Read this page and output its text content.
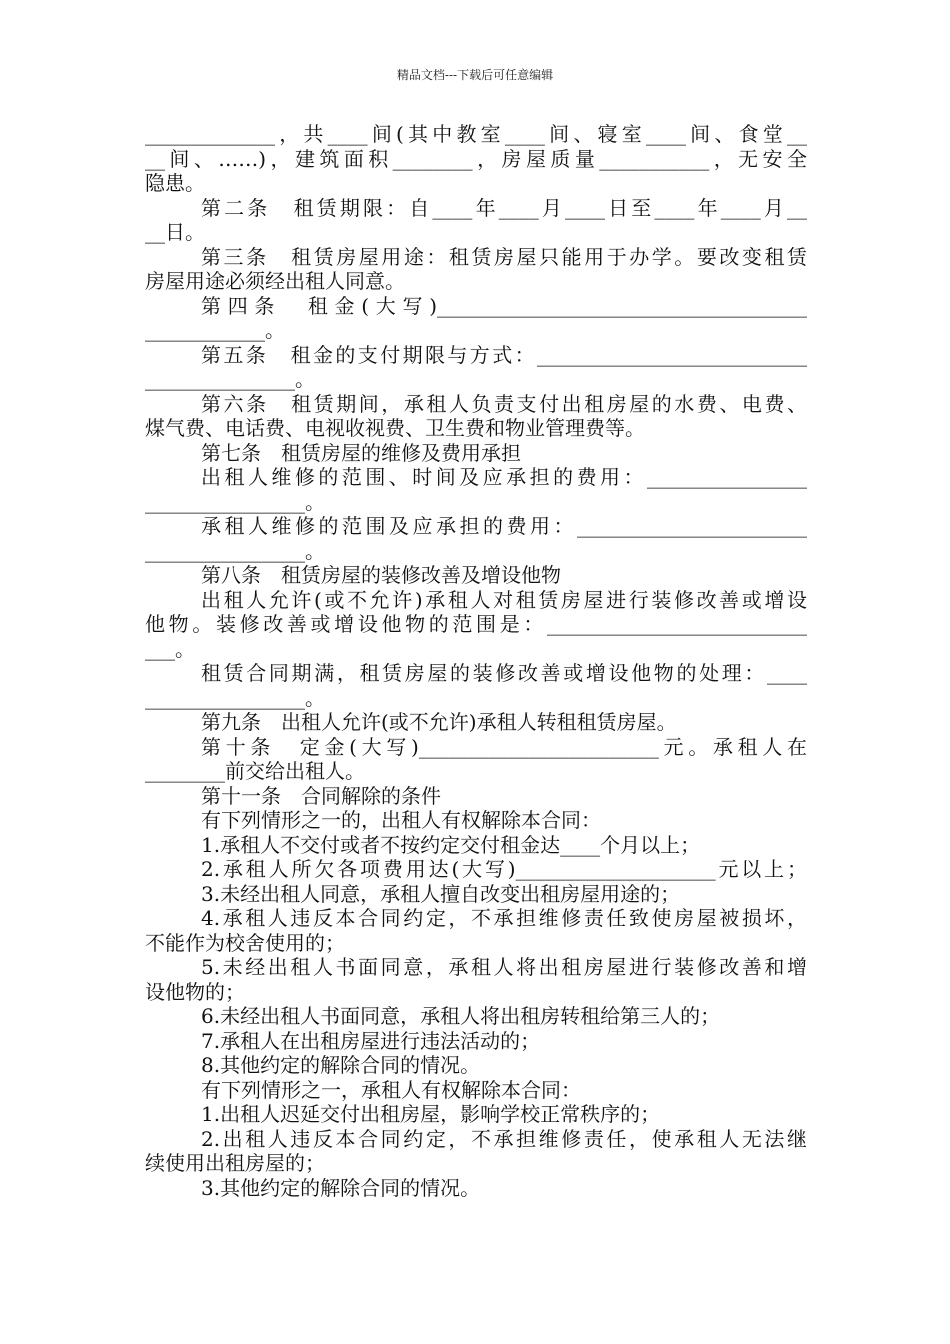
精品文档---下载后可任意编辑
_____________，共____间(其中教室____间、寝室____间、食堂__
__间、……)，建筑面积________，房屋质量___________，无安全
隐患。
第二条　租赁期限：自____年____月____日至____年____月__
__日。
第三条　租赁房屋用途：租赁房屋只能用于办学。要改变租赁
房屋用途必须经出租人同意。
第四条　租金(大写)_____________________________________
____________。
第五条　租金的支付期限与方式：___________________________
_______________。
第六条　租赁期间，承租人负责支付出租房屋的水费、电费、
煤气费、电话费、电视收视费、卫生费和物业管理费等。
第七条　租赁房屋的维修及费用承担
出租人维修的范围、时间及应承担的费用：________________
________________。
承租人维修的范围及应承担的费用：_______________________
________________。
第八条　租赁房屋的装修改善及增设他物
出租人允许(或不允许)承租人对租赁房屋进行装修改善或增设
他物。装修改善或增设他物的范围是：__________________________
___。
租赁合同期满，租赁房屋的装修改善或增设他物的处理：____
________________。
第九条　出租人允许(或不允许)承租人转租租赁房屋。
第十条　定金(大写)________________________元。承租人在
________前交给出租人。
第十一条　合同解除的条件
有下列情形之一的，出租人有权解除本合同：
1.承租人不交付或者不按约定交付租金达____个月以上；
2.承租人所欠各项费用达(大写)____________________元以上；
3.未经出租人同意，承租人擅自改变出租房屋用途的；
4.承租人违反本合同约定，不承担维修责任致使房屋被损坏，
不能作为校舍使用的；
5.未经出租人书面同意，承租人将出租房屋进行装修改善和增
设他物的；
6.未经出租人书面同意，承租人将出租房转租给第三人的；
7.承租人在出租房屋进行违法活动的；
8.其他约定的解除合同的情况。
有下列情形之一，承租人有权解除本合同：
1.出租人迟延交付出租房屋，影响学校正常秩序的；
2.出租人违反本合同约定，不承担维修责任，使承租人无法继
续使用出租房屋的；
3.其他约定的解除合同的情况。
